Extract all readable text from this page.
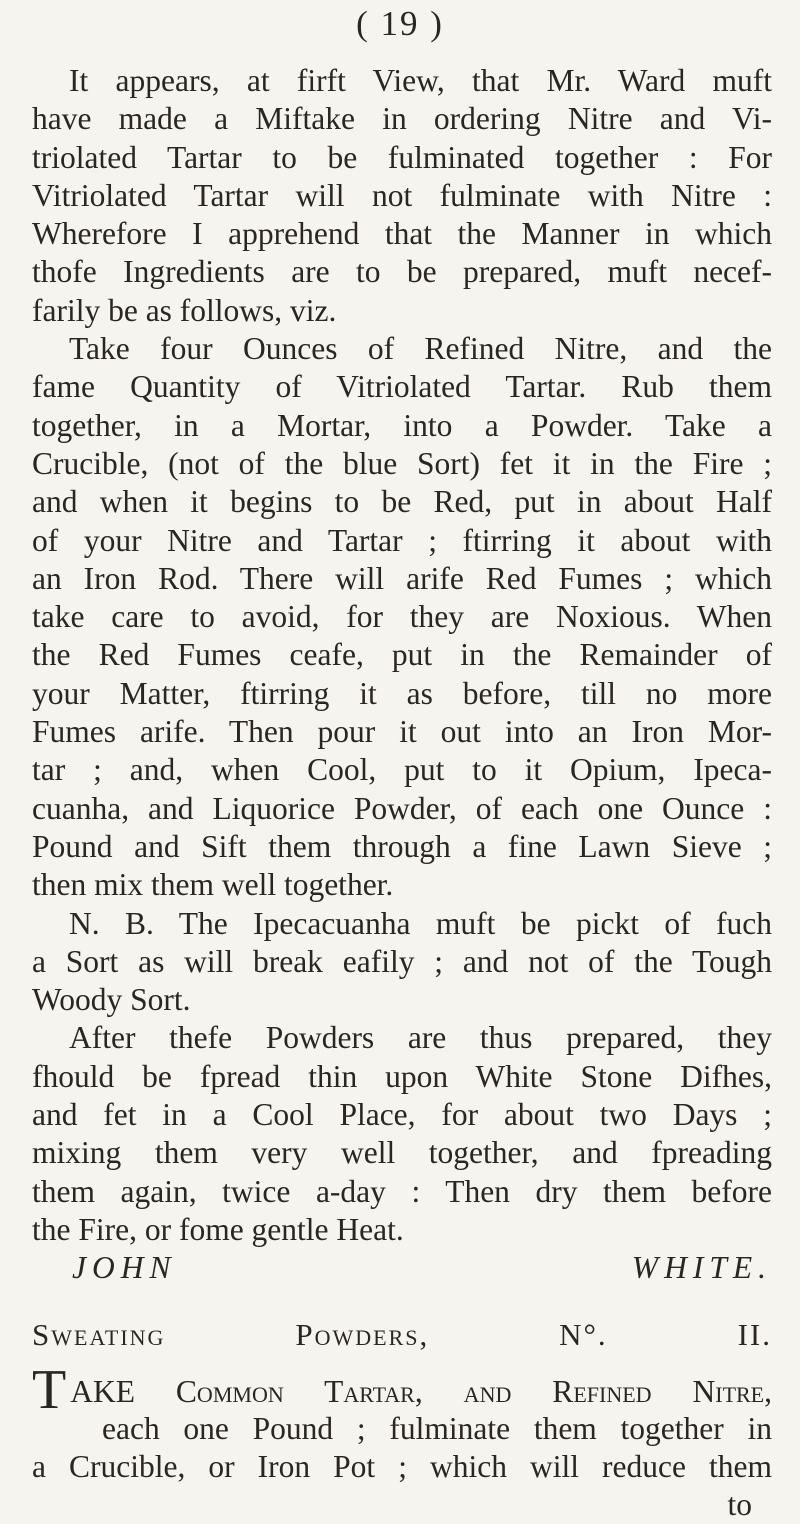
( 19 )
It appears, at firft View, that Mr. Ward muft
have made a Miftake in ordering Nitre and Vi-
triolated Tartar to be fulminated together : For
Vitriolated Tartar will not fulminate with Nitre :
Wherefore I apprehend that the Manner in which
thofe Ingredients are to be prepared, muft necef-
farily be as follows, viz.
Take four Ounces of Refined Nitre, and the
fame Quantity of Vitriolated Tartar. Rub them
together, in a Mortar, into a Powder. Take a
Crucible, (not of the blue Sort) fet it in the Fire ;
and when it begins to be Red, put in about Half
of your Nitre and Tartar ; ftirring it about with
an Iron Rod. There will arife Red Fumes ; which
take care to avoid, for they are Noxious. When
the Red Fumes ceafe, put in the Remainder of
your Matter, ftirring it as before, till no more
Fumes arife. Then pour it out into an Iron Mor-
tar ; and, when Cool, put to it Opium, Ipeca-
cuanha, and Liquorice Powder, of each one Ounce :
Pound and Sift them through a fine Lawn Sieve ;
then mix them well together.
N. B. The Ipecacuanha muft be pickt of fuch
a Sort as will break eafily ; and not of the Tough
Woody Sort.
After thefe Powders are thus prepared, they
fhould be fpread thin upon White Stone Difhes,
and fet in a Cool Place, for about two Days ;
mixing them very well together, and fpreading
them again, twice a-day : Then dry them before
the Fire, or fome gentle Heat.
JOHN WHITE.
Sweating Powders, N°. II.
TAKE Common Tartar, and Refined Nitre,
each one Pound ; fulminate them together in
a Crucible, or Iron Pot ; which will reduce them
to
